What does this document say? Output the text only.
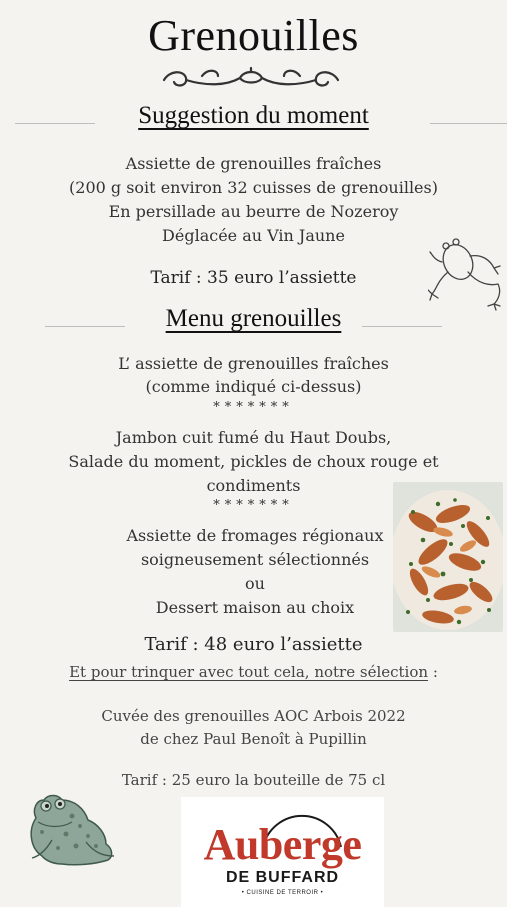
Grenouilles
Suggestion du moment
Assiette de grenouilles fraîches
(200 g soit environ 32 cuisses de grenouilles)
En persillade au beurre de Nozeroy
Déglacée au Vin Jaune
Tarif : 35 euro l’assiette
Menu grenouilles
L’ assiette de grenouilles fraîches
(comme indiqué ci-dessus)
*******
Jambon cuit fumé du Haut Doubs,
Salade du moment, pickles de choux rouge et
condiments
*******
Assiette de fromages régionaux
soigneusement sélectionnés
ou
Dessert maison au choix
Tarif : 48 euro l’assiette
Et pour trinquer avec tout cela, notre sélection :
Cuvée des grenouilles AOC Arbois 2022
de chez Paul Benoît à Pupillin
Tarif : 25 euro la bouteille de 75 cl
Auberge
DE BUFFARD
• CUISINE DE TERROIR •
